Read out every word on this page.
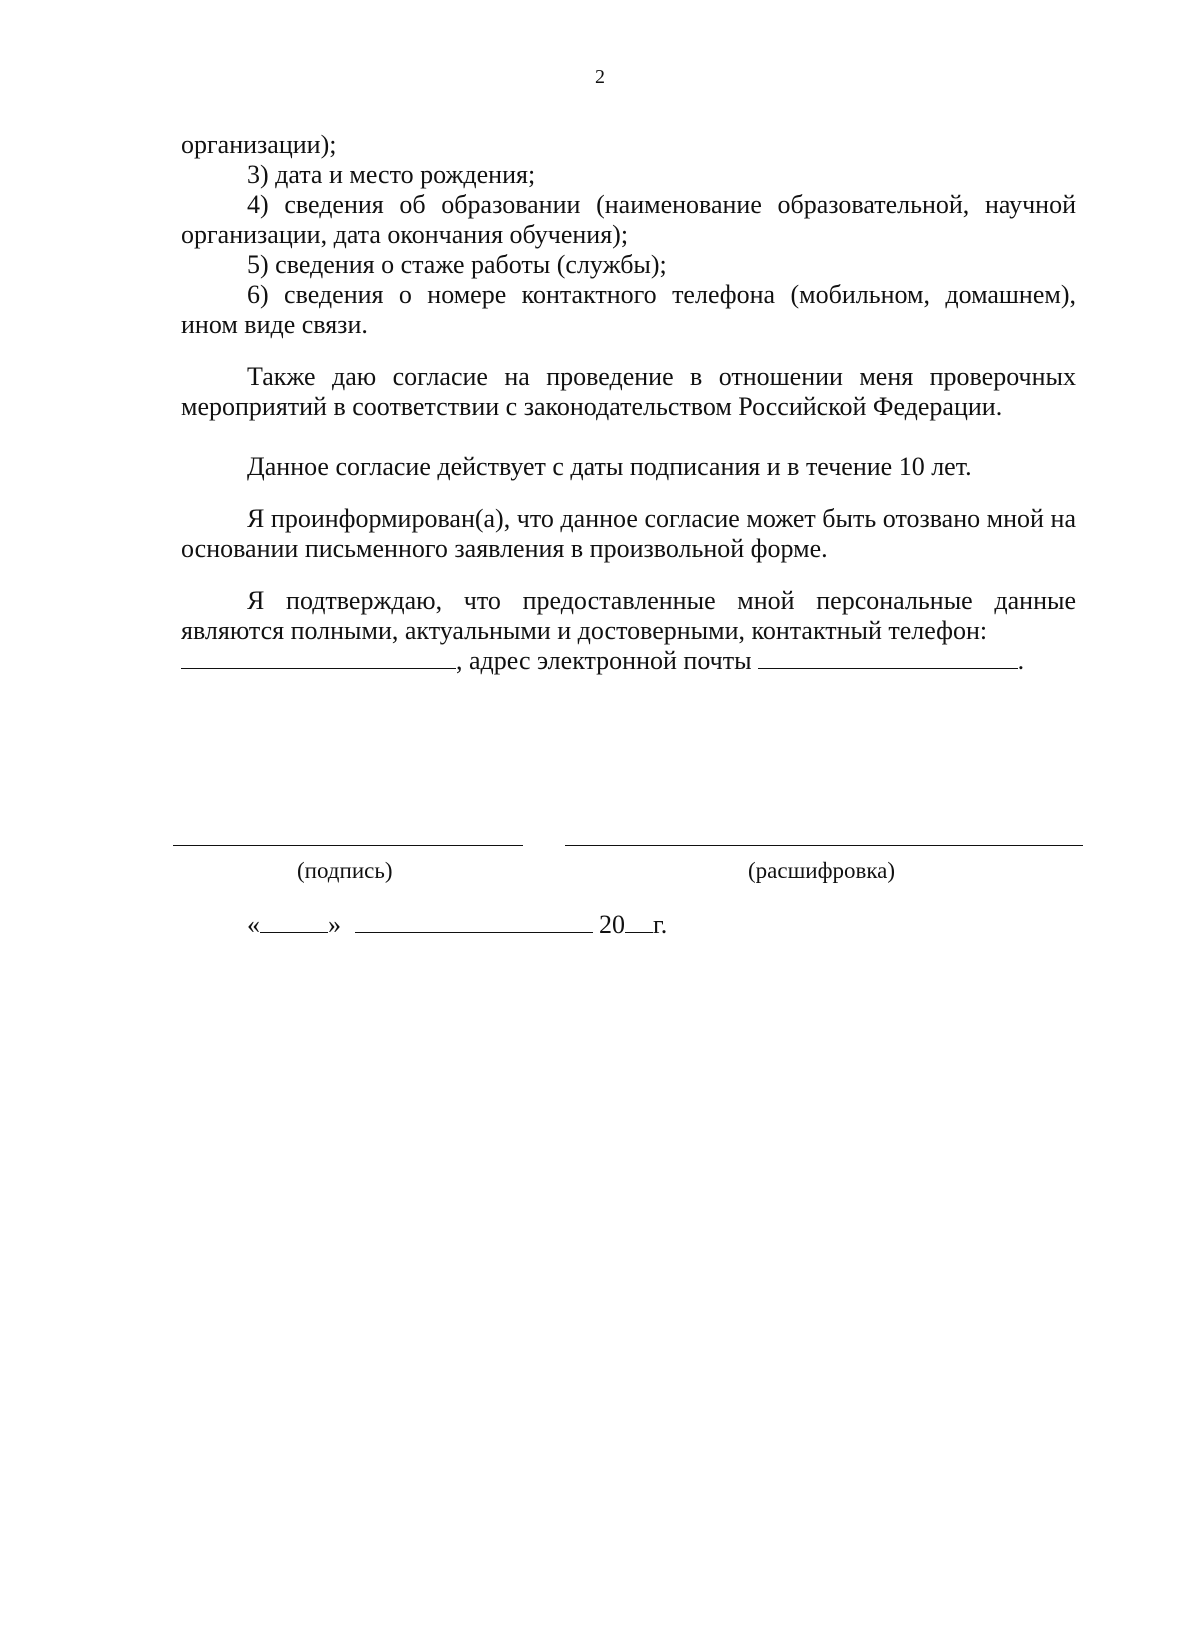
2

организации);

3) дата и место рождения;

4) сведения об образовании (наименование образовательной, научной организации, дата окончания обучения);

5) сведения о стаже работы (службы);

6) сведения о номере контактного телефона (мобильном, домашнем), ином виде связи.

Также даю согласие на проведение в отношении меня проверочных мероприятий в соответствии с законодательством Российской Федерации.

Данное согласие действует с даты подписания и в течение 10 лет.

Я проинформирован(а), что данное согласие может быть отозвано мной на основании письменного заявления в произвольной форме.

Я подтверждаю, что предоставленные мной персональные данные являются полными, актуальными и достоверными, контактный телефон:

, адрес электронной почты	.

(подпись)	(расшифровка)
«	»	20 г.
